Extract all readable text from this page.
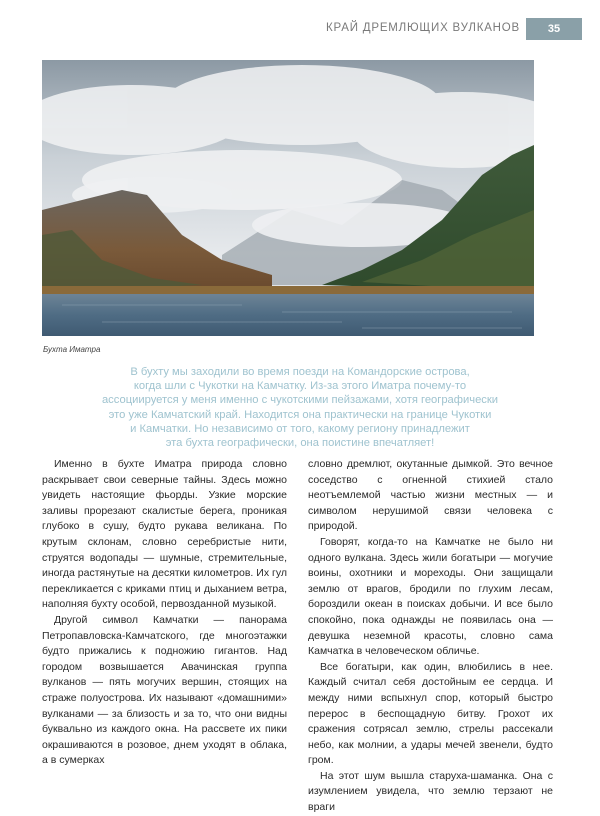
КРАЙ ДРЕМЛЮЩИХ ВУЛКАНОВ	35
Бухта Иматра
В бухту мы заходили во время поезди на Командорские острова,
когда шли с Чукотки на Камчатку. Из-за этого Иматра почему-то
ассоциируется у меня именно с чукотскими пейзажами, хотя географически
это уже Камчатский край. Находится она практически на границе Чукотки
и Камчатки. Но независимо от того, какому региону принадлежит
эта бухта географически, она поистине впечатляет!

Именно в бухте Иматра природа словно раскрывает свои северные тайны. Здесь можно увидеть настоящие фьорды. Узкие морские заливы прорезают скалистые берега, проникая глубоко в сушу, будто рукава великана. По крутым склонам, словно серебристые нити, струятся водопады — шумные, стремительные, иногда растянутые на десятки километров. Их гул перекликается с криками птиц и дыханием ветра, наполняя бухту особой, первозданной музыкой.

Другой символ Камчатки — панорама Петропавловска-Камчатского, где многоэтажки будто прижались к подножию гигантов. Над городом возвышается Авачинская группа вулканов — пять могучих вершин, стоящих на страже полуострова. Их называют «домашними» вулканами — за близость и за то, что они видны буквально из каждого окна. На рассвете их пики окрашиваются в розовое, днем уходят в облака, а в сумерках

словно дремлют, окутанные дымкой. Это вечное соседство с огненной стихией стало неотъемлемой частью жизни местных — и символом нерушимой связи человека с природой.

Говорят, когда-то на Камчатке не было ни одного вулкана. Здесь жили богатыри — могучие воины, охотники и мореходы. Они защищали землю от врагов, бродили по глухим лесам, бороздили океан в поисках добычи. И все было спокойно, пока однажды не появилась она — девушка неземной красоты, словно сама Камчатка в человеческом обличье.

Все богатыри, как один, влюбились в нее. Каждый считал себя достойным ее сердца. И между ними вспыхнул спор, который быстро перерос в беспощадную битву. Грохот их сражения сотрясал землю, стрелы рассекали небо, как молнии, а удары мечей звенели, будто гром.

На этот шум вышла старуха-шаманка. Она с изумлением увидела, что землю терзают не враги
